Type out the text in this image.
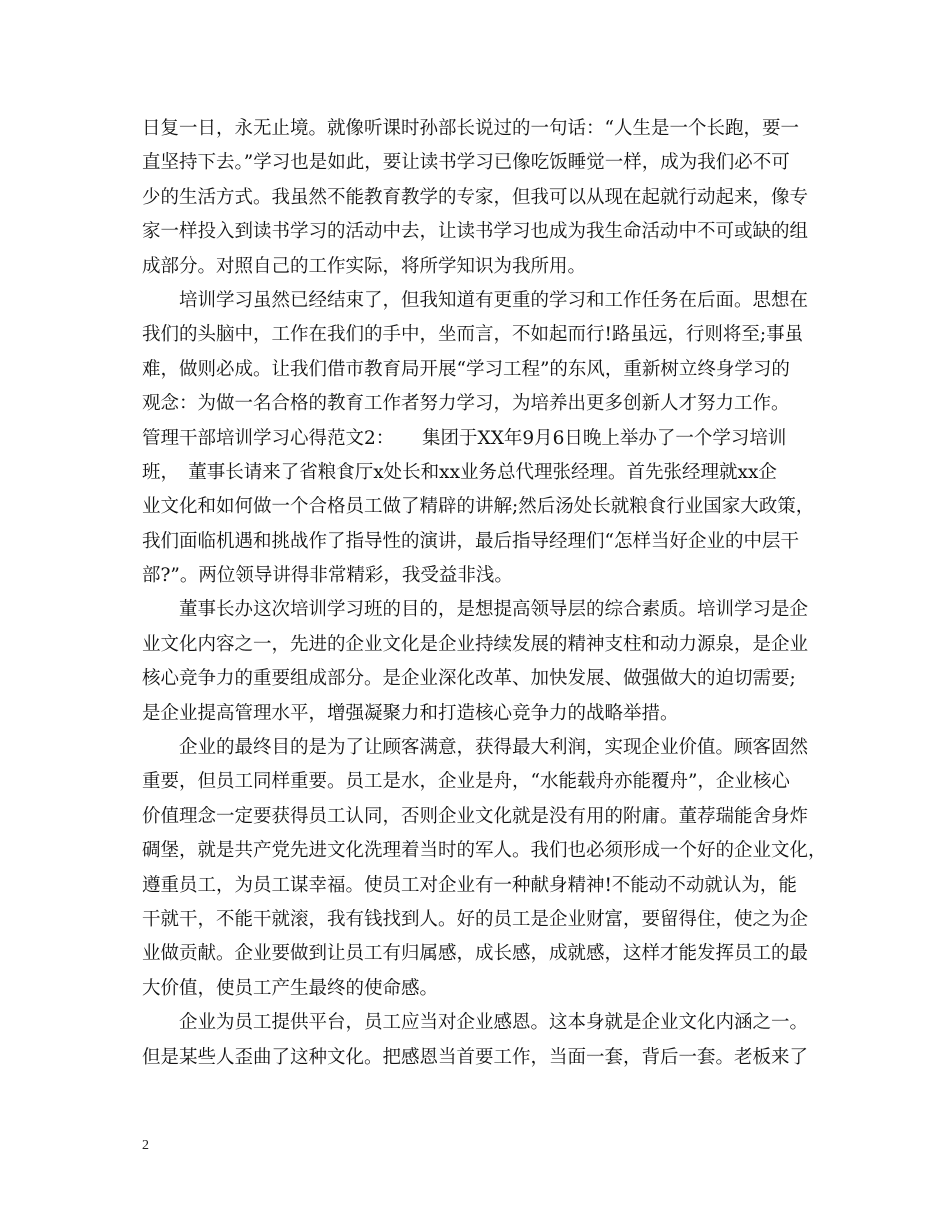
日复一日，永无止境。就像听课时孙部长说过的一句话：“人生是一个长跑，要一
直坚持下去。”学习也是如此，要让读书学习已像吃饭睡觉一样，成为我们必不可
少的生活方式。我虽然不能教育教学的专家，但我可以从现在起就行动起来，像专
家一样投入到读书学习的活动中去，让读书学习也成为我生命活动中不可或缺的组
成部分。对照自己的工作实际，将所学知识为我所用。
　　培训学习虽然已经结束了，但我知道有更重的学习和工作任务在后面。思想在
我们的头脑中，工作在我们的手中，坐而言，不如起而行!路虽远，行则将至;事虽
难，做则必成。让我们借市教育局开展“学习工程”的东风，重新树立终身学习的
观念：为做一名合格的教育工作者努力学习，为培养出更多创新人才努力工作。
管理干部培训学习心得范文2：　　集团于XX年9月6日晚上举办了一个学习培训
班，　董事长请来了省粮食厅x处长和xx业务总代理张经理。首先张经理就xx企
业文化和如何做一个合格员工做了精辟的讲解;然后汤处长就粮食行业国家大政策，
我们面临机遇和挑战作了指导性的演讲，最后指导经理们“怎样当好企业的中层干
部?”。两位领导讲得非常精彩，我受益非浅。
　　董事长办这次培训学习班的目的，是想提高领导层的综合素质。培训学习是企
业文化内容之一，先进的企业文化是企业持续发展的精神支柱和动力源泉，是企业
核心竞争力的重要组成部分。是企业深化改革、加快发展、做强做大的迫切需要;
是企业提高管理水平，增强凝聚力和打造核心竞争力的战略举措。
　　企业的最终目的是为了让顾客满意，获得最大利润，实现企业价值。顾客固然
重要，但员工同样重要。员工是水，企业是舟，“水能载舟亦能覆舟”，企业核心
价值理念一定要获得员工认同，否则企业文化就是没有用的附庸。董荐瑞能舍身炸
碉堡，就是共产党先进文化洗理着当时的军人。我们也必须形成一个好的企业文化，
遵重员工，为员工谋幸福。使员工对企业有一种献身精神!不能动不动就认为，能
干就干，不能干就滚，我有钱找到人。好的员工是企业财富，要留得住，使之为企
业做贡献。企业要做到让员工有归属感，成长感，成就感，这样才能发挥员工的最
大价值，使员工产生最终的使命感。
　　企业为员工提供平台，员工应当对企业感恩。这本身就是企业文化内涵之一。
但是某些人歪曲了这种文化。把感恩当首要工作，当面一套，背后一套。老板来了
2
